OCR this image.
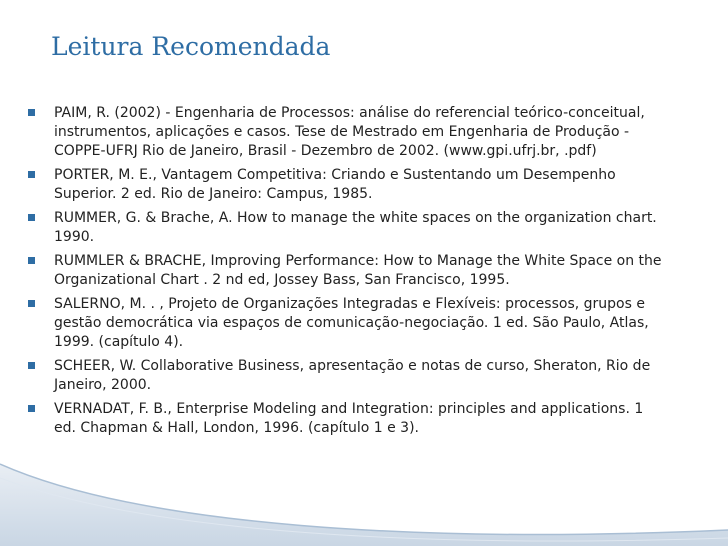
Leitura Recomendada
PAIM, R. (2002) - Engenharia de Processos: análise do referencial teórico-conceitual,
instrumentos, aplicações e casos. Tese de Mestrado em Engenharia de Produção -
COPPE-UFRJ Rio de Janeiro, Brasil - Dezembro de 2002. (www.gpi.ufrj.br, .pdf)
PORTER, M. E., Vantagem Competitiva: Criando e Sustentando um Desempenho
Superior. 2 ed. Rio de Janeiro: Campus, 1985.
RUMMER, G. & Brache, A. How to manage the white spaces on the organization chart.
1990.
RUMMLER & BRACHE, Improving Performance: How to Manage the White Space on the
Organizational Chart . 2 nd ed, Jossey Bass, San Francisco, 1995.
SALERNO, M. . , Projeto de Organizações Integradas e Flexíveis: processos, grupos e
gestão democrática via espaços de comunicação-negociação. 1 ed. São Paulo, Atlas,
1999. (capítulo 4).
SCHEER, W. Collaborative Business, apresentação e notas de curso, Sheraton, Rio de
Janeiro, 2000.
VERNADAT, F. B., Enterprise Modeling and Integration: principles and applications. 1
ed. Chapman & Hall, London, 1996. (capítulo 1 e 3).
